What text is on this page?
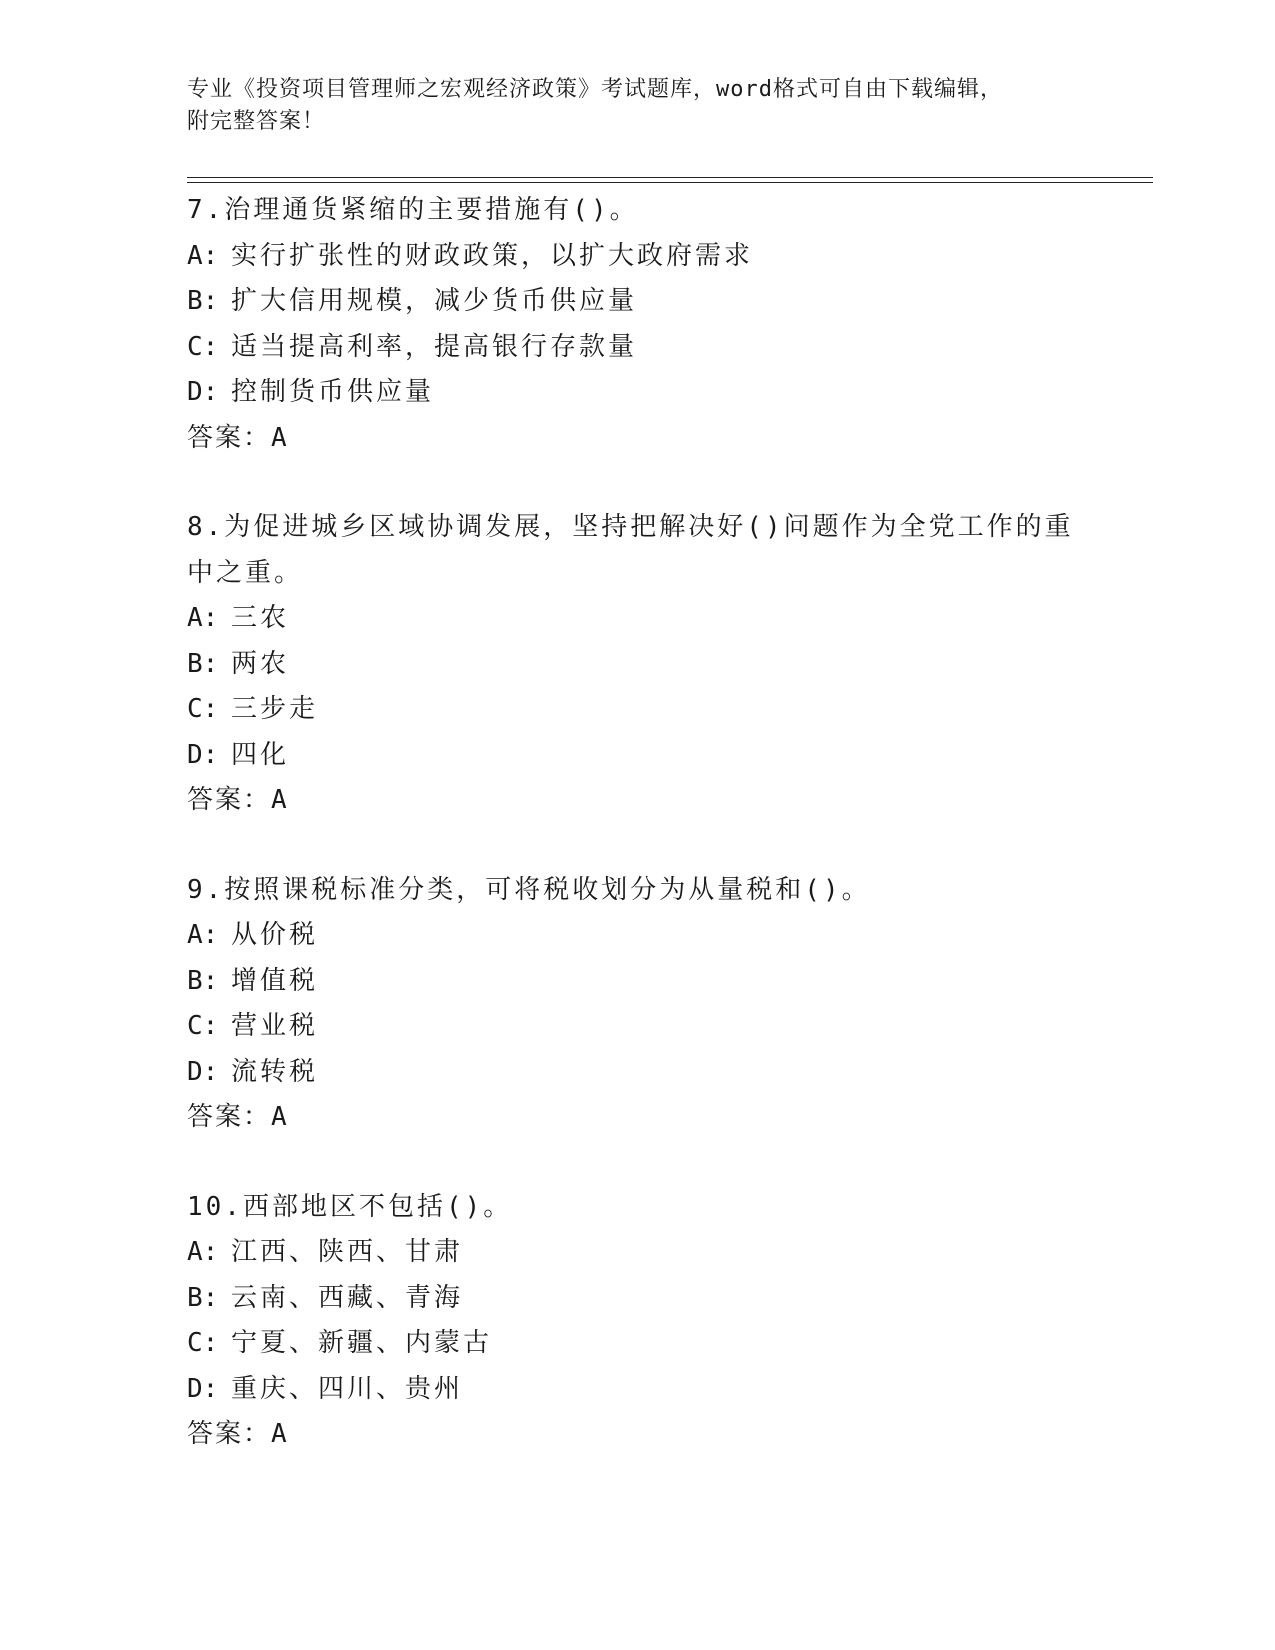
专业《投资项目管理师之宏观经济政策》考试题库，word格式可自由下载编辑，
附完整答案！
7.治理通货紧缩的主要措施有()。
A: 实行扩张性的财政政策，以扩大政府需求
B: 扩大信用规模，减少货币供应量
C: 适当提高利率，提高银行存款量
D: 控制货币供应量
答案：A
8.为促进城乡区域协调发展，坚持把解决好()问题作为全党工作的重
中之重。
A: 三农
B: 两农
C: 三步走
D: 四化
答案：A
9.按照课税标准分类，可将税收划分为从量税和()。
A: 从价税
B: 增值税
C: 营业税
D: 流转税
答案：A
10.西部地区不包括()。
A: 江西、陕西、甘肃
B: 云南、西藏、青海
C: 宁夏、新疆、内蒙古
D: 重庆、四川、贵州
答案：A
